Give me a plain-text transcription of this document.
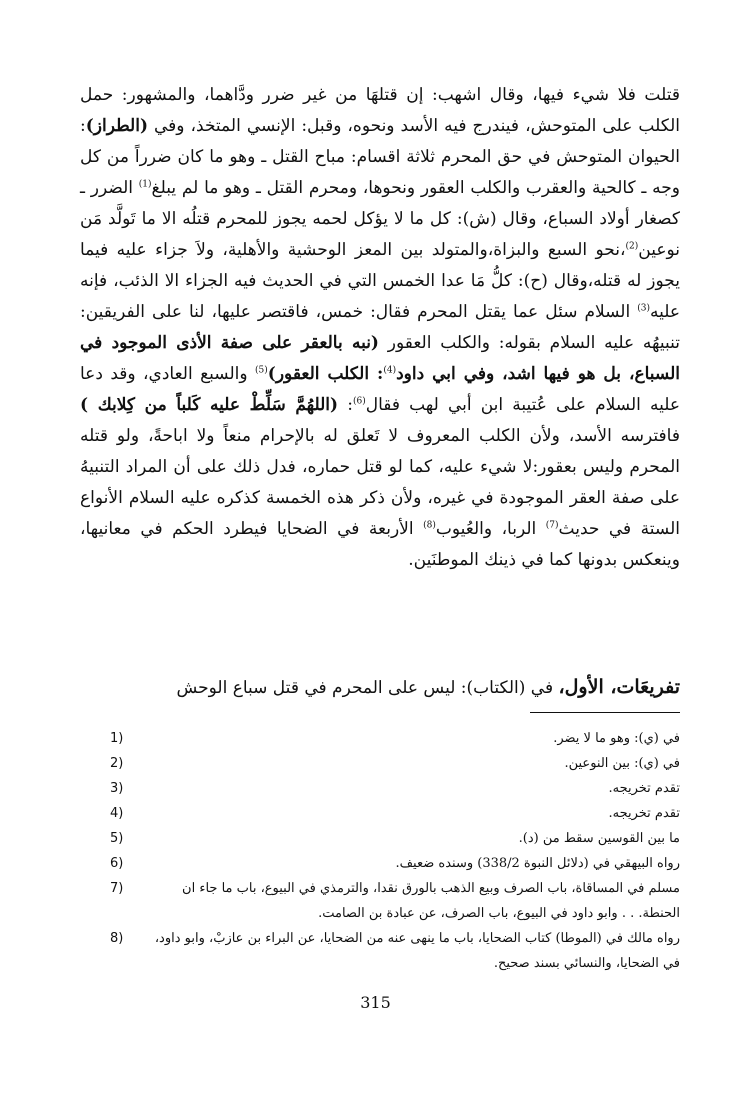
قتلت فلا شيء فيها، وقال اشهب: إن قتلهَا من غير ضرر ودَّاهما، والمشهور: حمل الكلب على المتوحش، فيندرج فيه الأسد ونحوه، وقبل: الإنسي المتخذ، وفي (الطراز): الحيوان المتوحش في حق المحرم ثلاثة اقسام: مباح القتل ـ وهو ما كان ضرراً من كل وجه ـ كالحية والعقرب والكلب العقور ونحوها، ومحرم القتل ـ وهو ما لم يبلغ$^{(1)}$ الضرر ـ كصغار أولاد السباع، وقال (ش): كل ما لا يؤكل لحمه يجوز للمحرم قتلُه الا ما تَولَّد مَن نوعين$^{(2)}$،نحو السبع والبزاة،والمتولد بين المعز الوحشية والأهلية، ولاَ جزاء عليه فيما يجوز له قتله،وقال (ح): كلُّ مَا عدا الخمس التي في الحديث فيه الجزاء الا الذئب، فإنه عليه$^{(3)}$ السلام سئل عما يقتل المحرم فقال: خمس، فاقتصر عليها، لنا على الفريقين: تنبيهُه عليه السلام بقوله: والكلب العقور (نبه بالعقر على صفة الأذى الموجود في السباع، بل هو فيها اشد، وفي ابي داود$^{(4)}$: الكلب العقور)$^{(5)}$ والسبع العادي، وقد دعا عليه السلام على عُتيبة ابن أبي لهب فقال$^{(6)}$: (اللهُمَّ سَلِّطْ عليه كَلباً من كِلابك ) فافترسه الأسد، ولأن الكلب المعروف لا تَعلق له بالإحرام منعاً ولا اباحةً، ولو قتله المحرم وليس بعقور:لا شيء عليه، كما لو قتل حماره، فدل ذلك على أن المراد التنبيهُ على صفة العقر الموجودة في غيره، ولأن ذكر هذه الخمسة كذكره عليه السلام الأنواع الستة في حديث$^{(7)}$ الربا، والعُيوب$^{(8)}$ الأربعة في الضحايا فيطرد الحكم في معانيها، وينعكس بدونها كما في ذينك الموطنَين.

تفريعَات، الأول، في (الكتاب): ليس على المحرم في قتل سباع الوحش
1)	في (ي): وهو ما لا يضر.
2)	في (ي): بين النوعين.
3)	تقدم تخريجه.
4)	تقدم تخريجه.
5)	ما بين القوسين سقط من (د).
6)	رواه البيهقي في (دلائل النبوة 338/2) وسنده ضعيف.
7)	مسلم في المساقاة، باب الصرف وبيع الذهب بالورق نقدا، والترمذي في البيوع، باب ما جاء ان الحنطة. . . وابو داود في البيوع، باب الصرف، عن عبادة بن الصامت.
8)	رواه مالك في (الموطا) كتاب الضحايا، باب ما ينهى عنه من الضحايا، عن البراء بن عازبْ، وابو داود، في الضحايا، والنسائي بسند صحيح.
315
